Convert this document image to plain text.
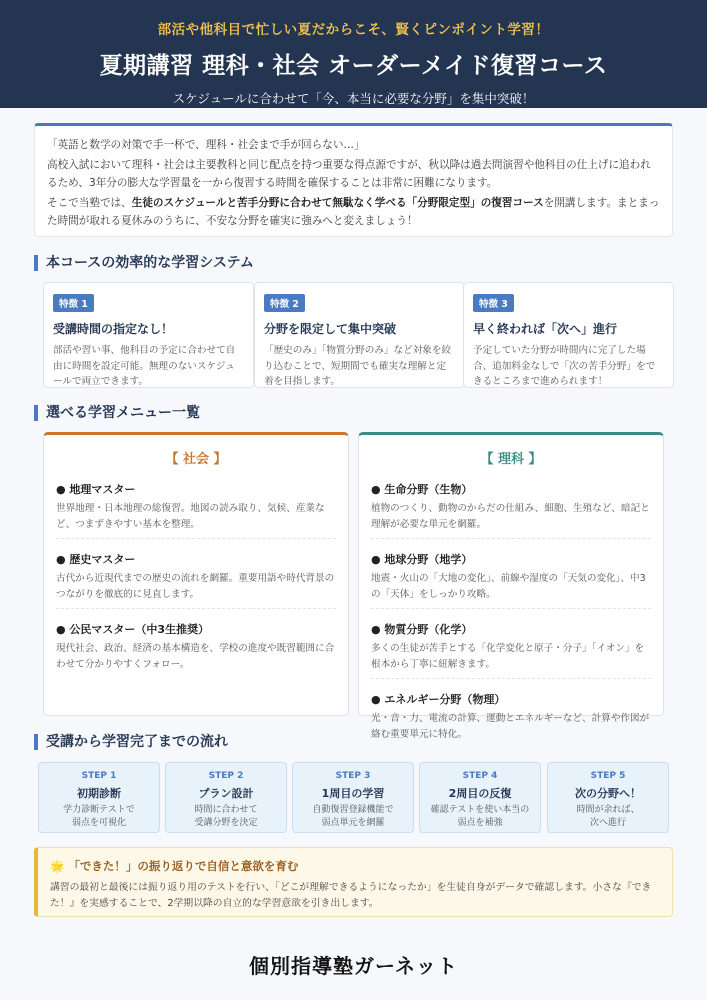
部活や他科目で忙しい夏だからこそ、賢くピンポイント学習！
夏期講習 理科・社会 オーダーメイド復習コース
スケジュールに合わせて「今、本当に必要な分野」を集中突破！

「英語と数学の対策で手一杯で、理科・社会まで手が回らない…」

高校入試において理科・社会は主要教科と同じ配点を持つ重要な得点源ですが、秋以降は過去問演習や他科目の仕上げに追われるため、3年分の膨大な学習量を一から復習する時間を確保することは非常に困難になります。

そこで当塾では、生徒のスケジュールと苦手分野に合わせて無駄なく学べる「分野限定型」の復習コースを開講します。まとまった時間が取れる夏休みのうちに、不安な分野を確実に強みへと変えましょう！

本コースの効率的な学習システム
特徴 1
受講時間の指定なし！
部活や習い事、他科目の予定に合わせて自由に時間を設定可能。無理のないスケジュールで両立できます。
特徴 2
分野を限定して集中突破
「歴史のみ」「物質分野のみ」など対象を絞り込むことで、短期間でも確実な理解と定着を目指します。
特徴 3
早く終われば「次へ」進行
予定していた分野が時間内に完了した場合、追加料金なしで「次の苦手分野」をできるところまで進められます！
選べる学習メニュー一覧
【 社会 】
● 地理マスター
世界地理・日本地理の総復習。地図の読み取り、気候、産業など、つまずきやすい基本を整理。
● 歴史マスター
古代から近現代までの歴史の流れを網羅。重要用語や時代背景のつながりを徹底的に見直します。
● 公民マスター（中3生推奨）
現代社会、政治、経済の基本構造を、学校の進度や既習範囲に合わせて分かりやすくフォロー。
【 理科 】
● 生命分野（生物）
植物のつくり、動物のからだの仕組み、細胞、生殖など、暗記と理解が必要な単元を網羅。
● 地球分野（地学）
地震・火山の「大地の変化」、前線や湿度の「天気の変化」、中3の「天体」をしっかり攻略。
● 物質分野（化学）
多くの生徒が苦手とする「化学変化と原子・分子」「イオン」を根本から丁寧に紐解きます。
● エネルギー分野（物理）
光・音・力、電流の計算、運動とエネルギーなど、計算や作図が絡む重要単元に特化。
受講から学習完了までの流れ
STEP 1
初期診断
学力診断テストで
弱点を可視化
STEP 2
プラン設計
時間に合わせて
受講分野を決定
STEP 3
1周目の学習
自動復習登録機能で
弱点単元を網羅
STEP 4
2周目の反復
確認テストを使い本当の
弱点を補強
STEP 5
次の分野へ！
時間が余れば、
次へ進行
🌟 「できた！」の振り返りで自信と意欲を育む
講習の最初と最後には振り返り用のテストを行い、「どこが理解できるようになったか」を生徒自身がデータで確認します。小さな『できた！』を実感することで、2学期以降の自立的な学習意欲を引き出します。
個別指導塾ガーネット
